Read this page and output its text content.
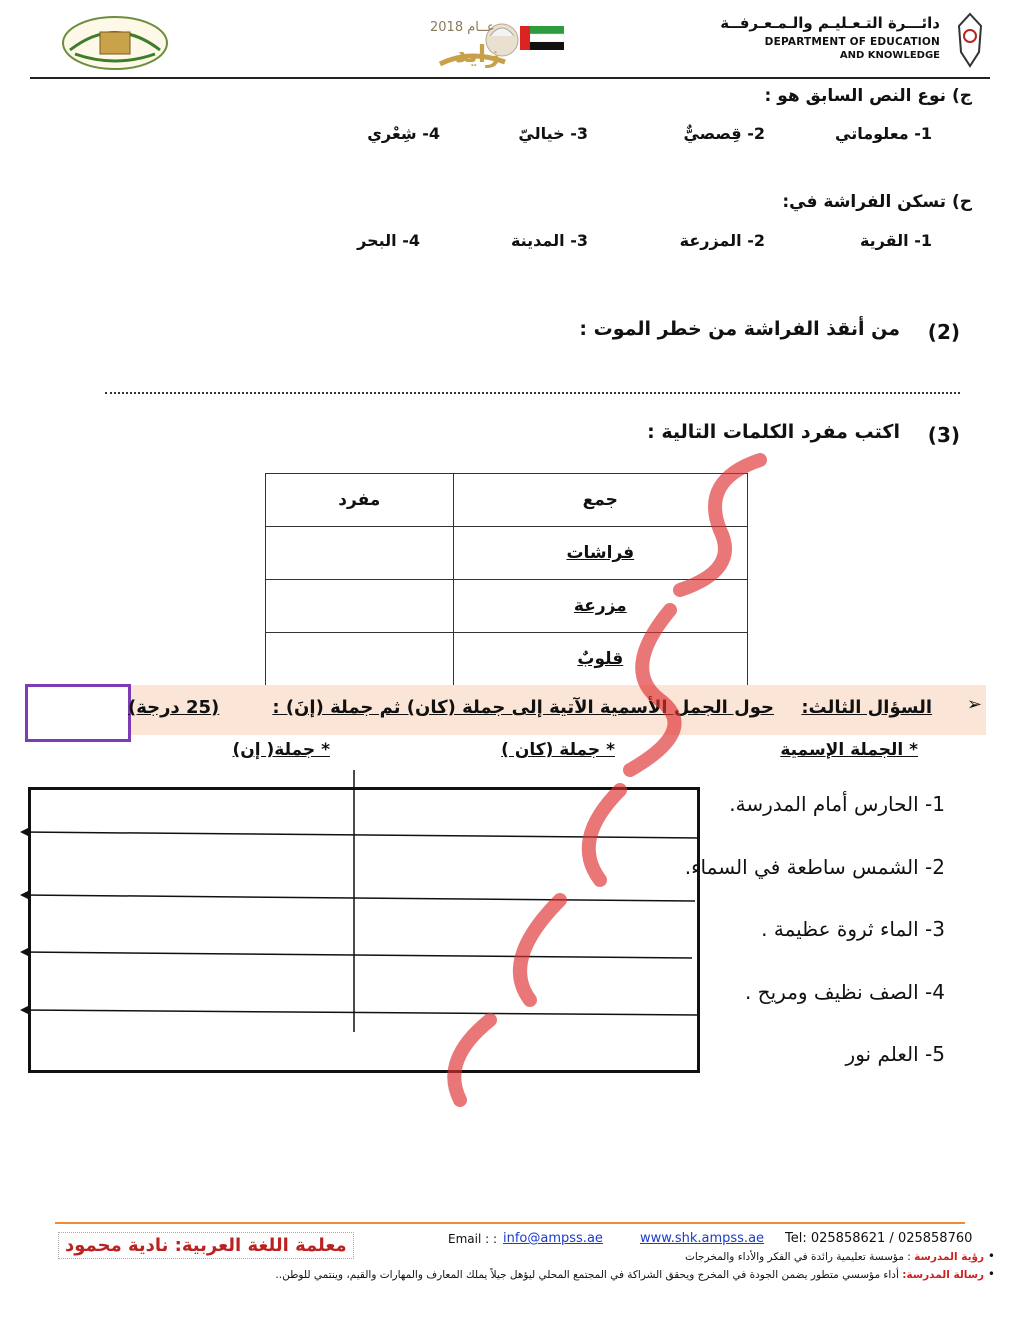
عــام 2018
زايد
دائـــرة التـعـليـم والـمـعـرفــة
DEPARTMENT OF EDUCATION
AND KNOWLEDGE
ج) نوع النص السابق هو :
1- معلوماتي
2- قِصصيٌّ
3- خياليّ
4- شِعْري
ح) تسكن الفراشة في:
1- القرية
2- المزرعة
3- المدينة
4- البحر
(2)
من أنقذ الفراشة من خطر الموت :
(3)
اكتب مفرد الكلمات التالية :
مفرد	جمع
	فراشات
	مزرعة
	قلوبٌ
➢
السؤال الثالث:
حول الجمل الأسمية الآتية إلى جملة (كان) ثم جملة (إنَ) :
(25 درجة)
* الجملة الإسمية
* جملة (كان )
* جملة( إن)
1- الحارس أمام المدرسة.
2- الشمس ساطعة في السماء.
3- الماء ثروة عظيمة .
4- الصف نظيف ومريح .
5- العلم نور
معلمة اللغة العربية: نادية محمود	Email : : info@ampss.ae	www.shk.ampss.ae Tel: 025858621 / 025858760
• رؤية المدرسة : مؤسسة تعليمية رائدة في الفكر والأداء والمخرجات
• رسالة المدرسة: أداء مؤسسي متطور يضمن الجودة في المخرج ويحقق الشراكة في المجتمع المحلي ليؤهل جيلاً يملك المعارف والمهارات والقيم، وينتمي للوطن..
